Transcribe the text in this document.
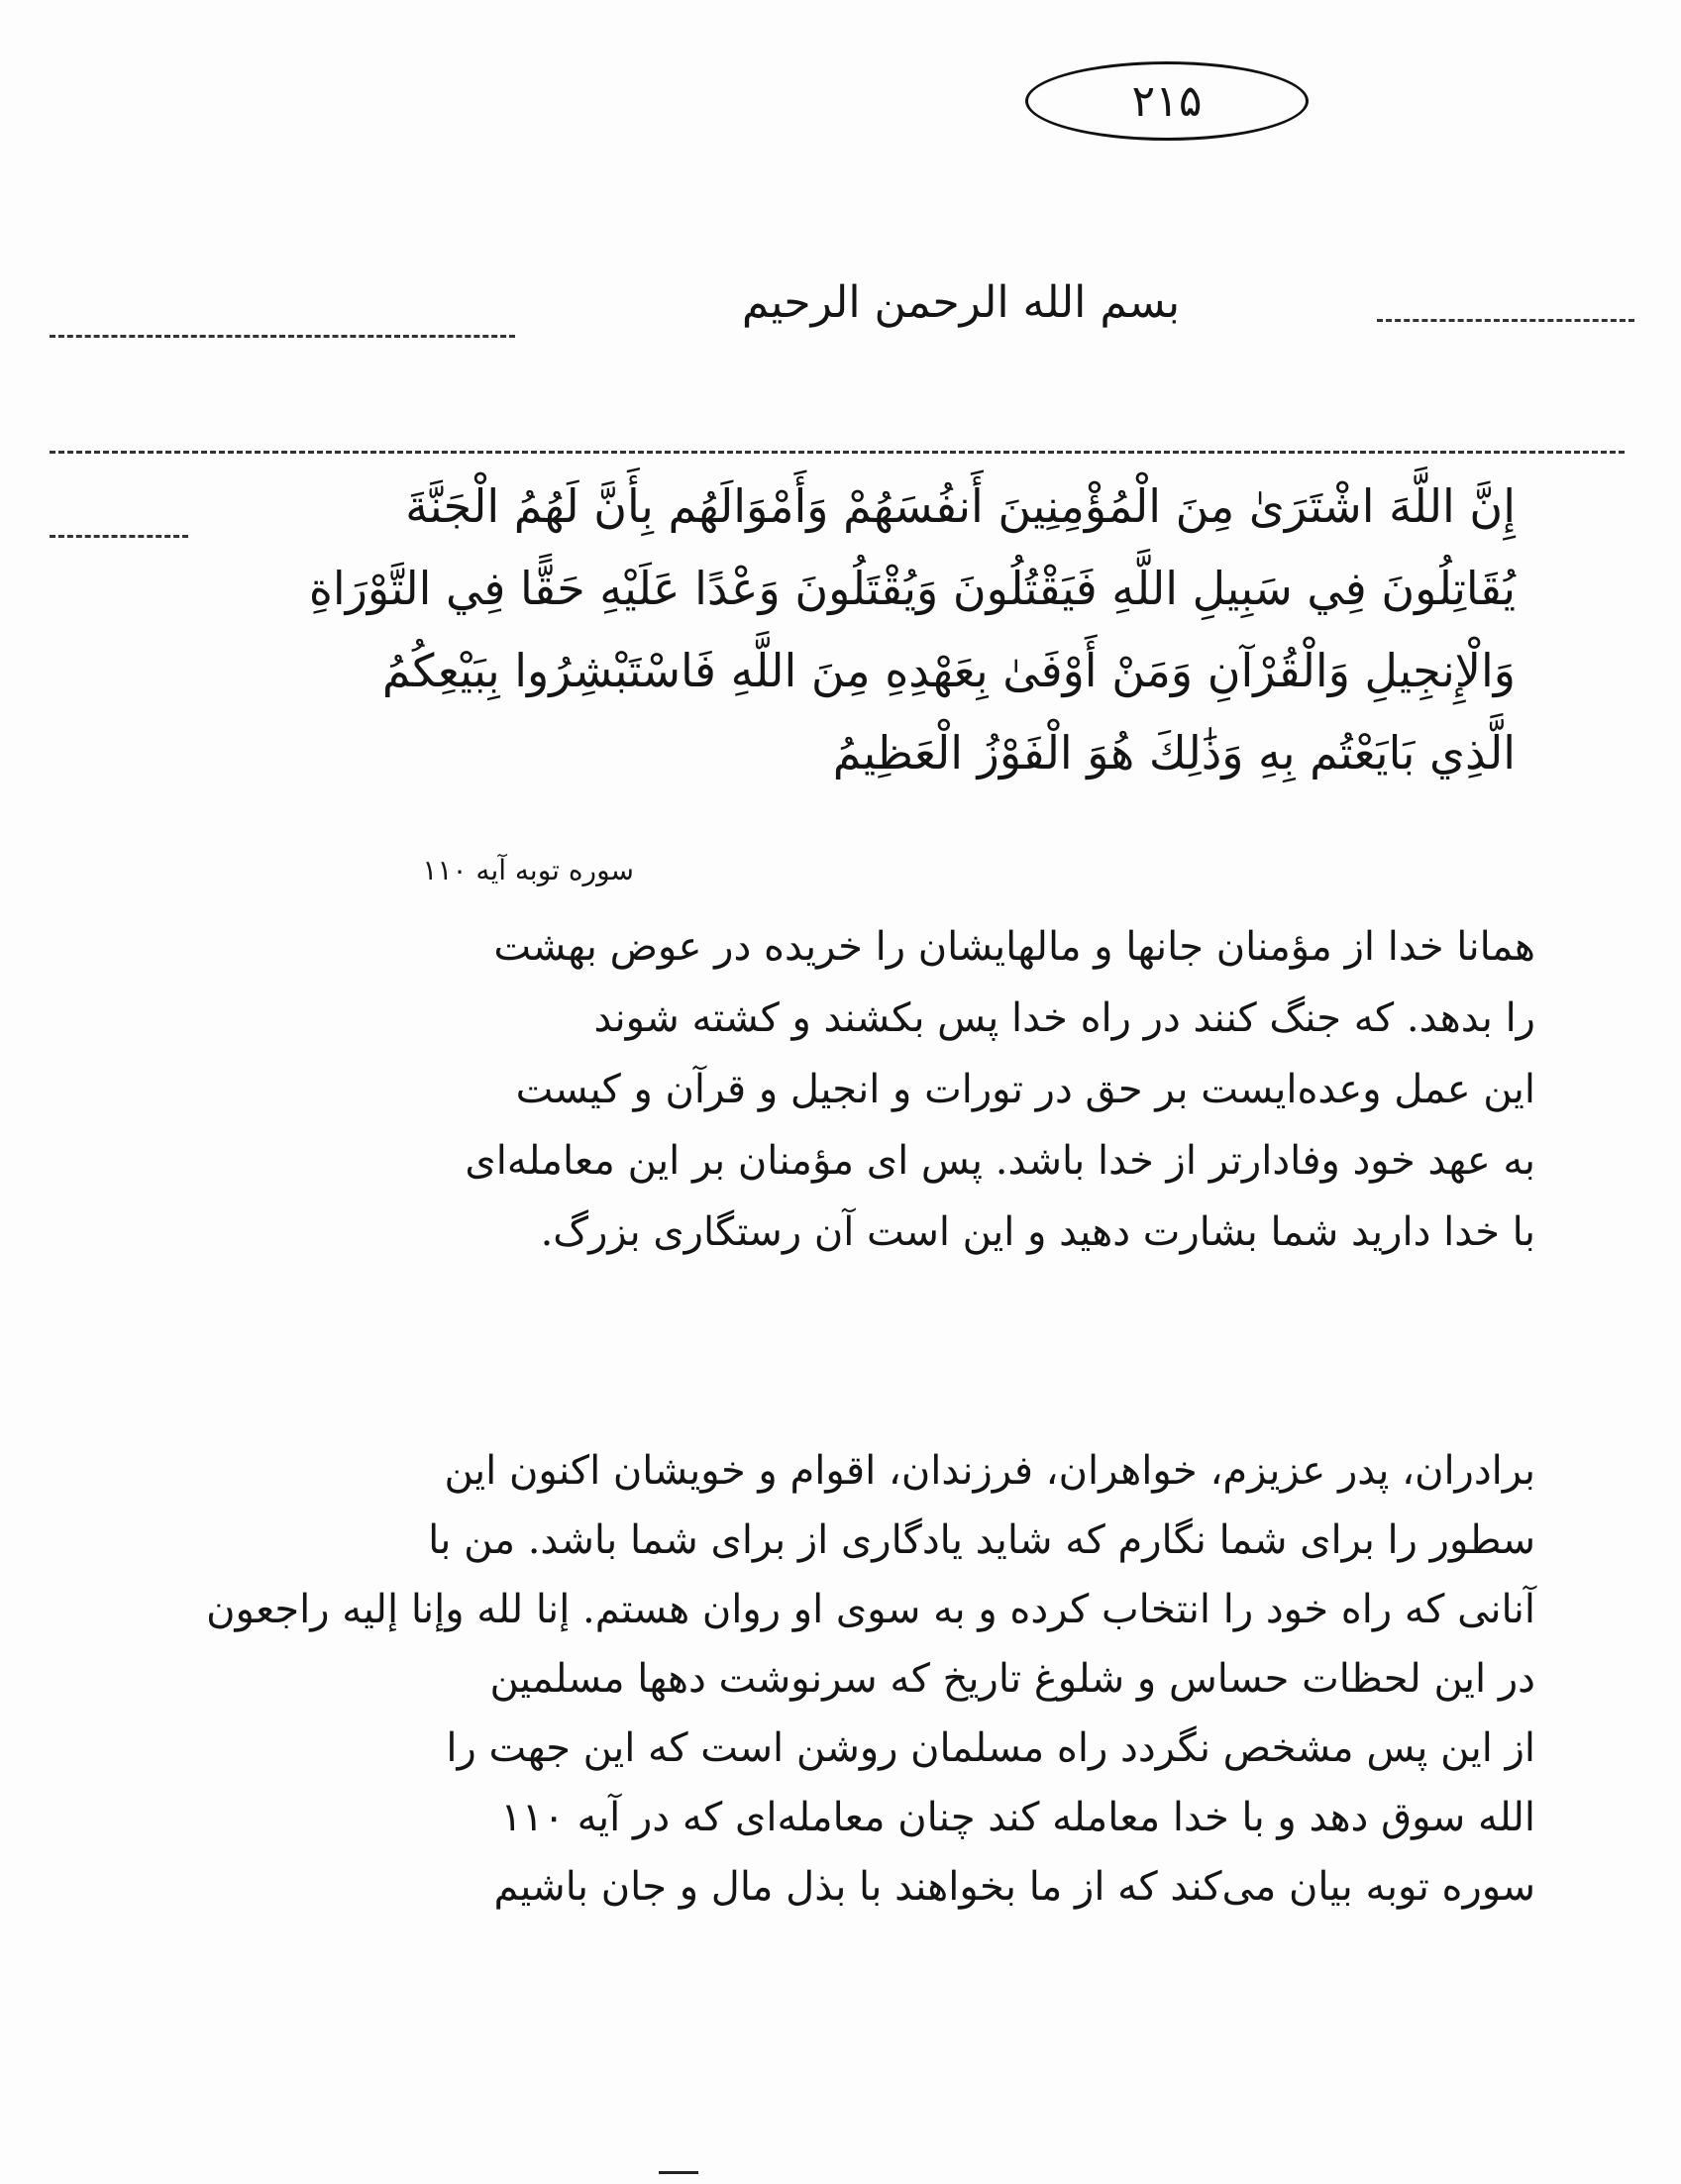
۲۱۵
بسم الله الرحمن الرحیم
إِنَّ اللَّهَ اشْتَرَىٰ مِنَ الْمُؤْمِنِينَ أَنفُسَهُمْ وَأَمْوَالَهُم بِأَنَّ لَهُمُ الْجَنَّةَ
يُقَاتِلُونَ فِي سَبِيلِ اللَّهِ فَيَقْتُلُونَ وَيُقْتَلُونَ وَعْدًا عَلَيْهِ حَقًّا فِي التَّوْرَاةِ
وَالْإِنجِيلِ وَالْقُرْآنِ وَمَنْ أَوْفَىٰ بِعَهْدِهِ مِنَ اللَّهِ فَاسْتَبْشِرُوا بِبَيْعِكُمُ
الَّذِي بَايَعْتُم بِهِ وَذَٰلِكَ هُوَ الْفَوْزُ الْعَظِيمُ
سوره توبه آیه ۱۱۰
همانا خدا از مؤمنان جانها و مالهایشان را خریده در عوض بهشت
را بدهد. که جنگ کنند در راه خدا پس بکشند و کشته شوند
این عمل وعده‌ایست بر حق در تورات و انجیل و قرآن و کیست
به عهد خود وفادارتر از خدا باشد. پس ای مؤمنان بر این معامله‌ای
با خدا دارید شما بشارت دهید و این است آن رستگاری بزرگ.
برادران، پدر عزیزم، خواهران، فرزندان، اقوام و خویشان اکنون این
سطور را برای شما نگارم که شاید یادگاری از برای شما باشد. من با
آنانی که راه خود را انتخاب کرده و به سوی او روان هستم. إنا لله وإنا إليه راجعون
در این لحظات حساس و شلوغ تاریخ که سرنوشت دهها مسلمین
از این پس مشخص نگردد راه مسلمان روشن است که این جهت را
الله سوق دهد و با خدا معامله کند چنان معامله‌ای که در آیه ۱۱۰
سوره توبه بیان می‌کند که از ما بخواهند با بذل مال و جان باشیم
